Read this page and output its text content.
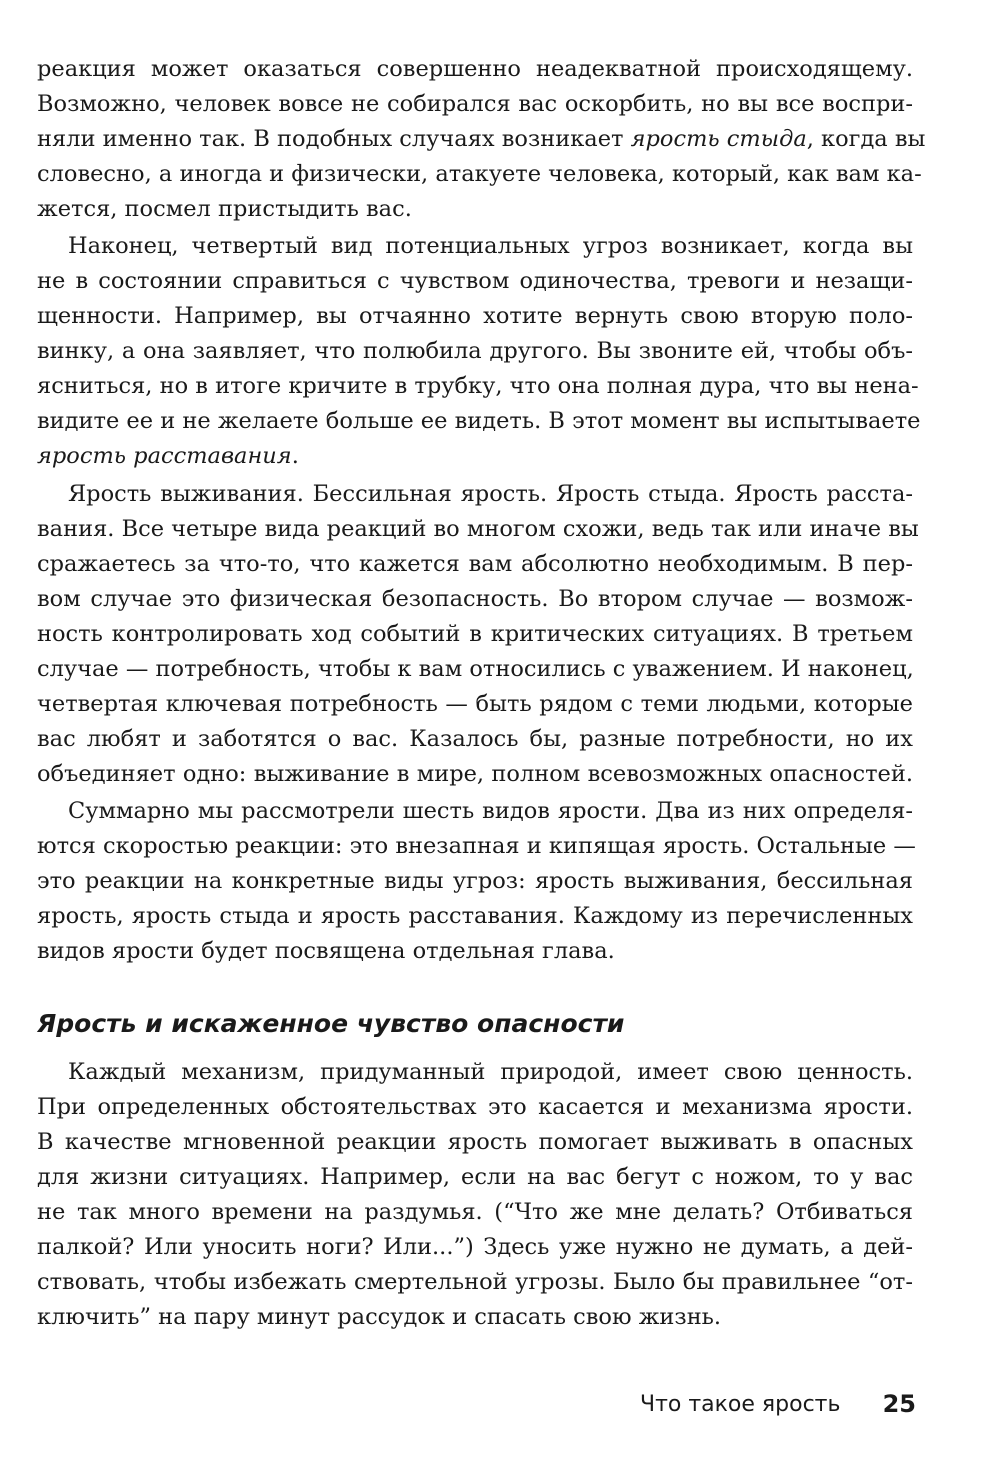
реакция может оказаться совершенно неадекватной происходящему.
Возможно, человек вовсе не собирался вас оскорбить, но вы все воспри-
няли именно так. В подобных случаях возникает ярость стыда, когда вы
словесно, а иногда и физически, атакуете человека, который, как вам ка-
жется, посмел пристыдить вас.
Наконец, четвертый вид потенциальных угроз возникает, когда вы
не в состоянии справиться с чувством одиночества, тревоги и незащи-
щенности. Например, вы отчаянно хотите вернуть свою вторую поло-
винку, а она заявляет, что полюбила другого. Вы звоните ей, чтобы объ-
ясниться, но в итоге кричите в трубку, что она полная дура, что вы нена-
видите ее и не желаете больше ее видеть. В этот момент вы испытываете
ярость расставания.
Ярость выживания. Бессильная ярость. Ярость стыда. Ярость расста-
вания. Все четыре вида реакций во многом схожи, ведь так или иначе вы
сражаетесь за что-то, что кажется вам абсолютно необходимым. В пер-
вом случае это физическая безопасность. Во втором случае — возмож-
ность контролировать ход событий в критических ситуациях. В третьем
случае — потребность, чтобы к вам относились с уважением. И наконец,
четвертая ключевая потребность — быть рядом с теми людьми, которые
вас любят и заботятся о вас. Казалось бы, разные потребности, но их
объединяет одно: выживание в мире, полном всевозможных опасностей.
Суммарно мы рассмотрели шесть видов ярости. Два из них определя-
ются скоростью реакции: это внезапная и кипящая ярость. Остальные —
это реакции на конкретные виды угроз: ярость выживания, бессильная
ярость, ярость стыда и ярость расставания. Каждому из перечисленных
видов ярости будет посвящена отдельная глава.
Ярость и искаженное чувство опасности
Каждый механизм, придуманный природой, имеет свою ценность.
При определенных обстоятельствах это касается и механизма ярости.
В качестве мгновенной реакции ярость помогает выживать в опасных
для жизни ситуациях. Например, если на вас бегут с ножом, то у вас
не так много времени на раздумья. (“Что же мне делать? Отбиваться
палкой? Или уносить ноги? Или...”) Здесь уже нужно не думать, а дей-
ствовать, чтобы избежать смертельной угрозы. Было бы правильнее “от-
ключить” на пару минут рассудок и спасать свою жизнь.
Что такое ярость 25
